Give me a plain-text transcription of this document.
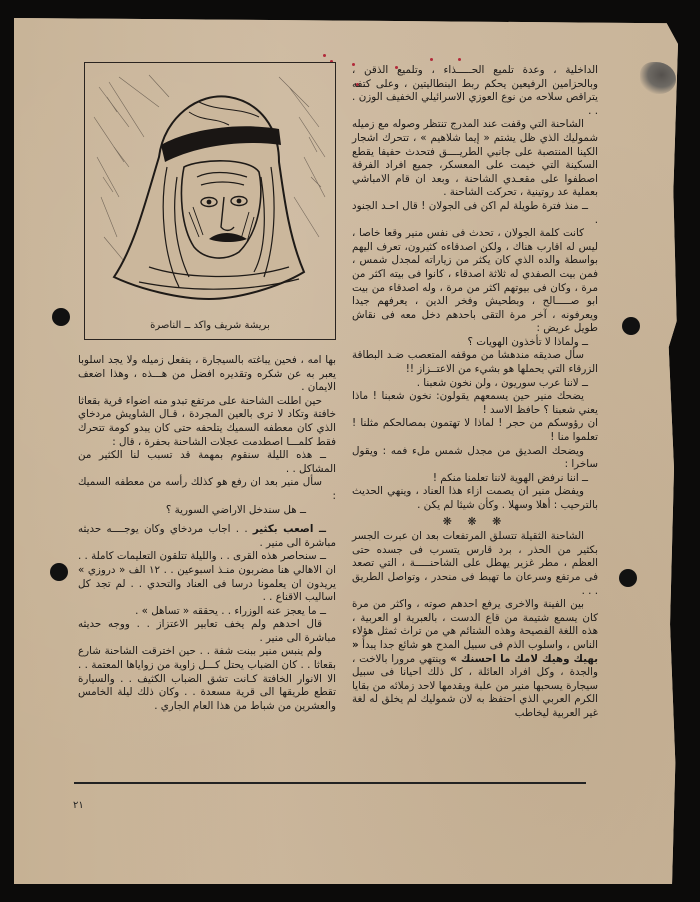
بريشة شريف واكد ــ الناصرة

الداخلية ، وعدة تلميع الحـــــذاء ، وتلميع الذقن ، وبالحزامين الرفيعين يحكم ربط البنطاليتين ، وعلى كتفه يتراقص سلاحه من نوع العوزي الاسرائيلي الخفيف الوزن . . .

الشاحنة التي وقفت عند المدرج تنتظر وصوله مع زميله شموليك الذي ظل يشتم « إيما شلاهيم » ، تتحرك اشجار الكينا المنتصبة على جانبي الطريــــق فتحدث حفيفا يقطع السكينة التي خيمت على المعسكر، جميع افراد الفرقة اصطفوا على مقعـدي الشاحنة ، وبعد ان قام الامباشي بعملية عد روتينية ، تحركت الشاحنة .

ــ منذ فترة طويلة لم اكن فى الجولان ! قال احـد الجنود .

كانت كلمة الجولان ، تحدث فى نفس منير وقعا خاصا ، ليس له اقارب هناك ، ولكن اصدقاءه كثيرون، تعرف اليهم بواسطة والده الذي كان يكثر من زياراته لمجدل شمس ، فمن بيت الصفدي له ثلاثة اصدقاء ، كانوا فى بيته اكثر من مرة ، وكان فى بيوتهم اكثر من مرة ، وله اصدقاء من بيت ابو صـــــالح ، وبطحيش وفخر الدين ، يعرفهم جيدا ويعرفونه ، آخر مرة التقى باحدهم دخل معه فى نقاش طويل عريض :

ــ ولماذا لا تأخذون الهويات ؟

سأل صديقه مندهشا من موقفه المتعصب ضـد البطاقة الزرقاء التي يحملها هو بشيء من الاعتــزاز !!

ــ لاننا عرب سوريون ، ولن نخون شعبنا .

يضحك منير حين يسمعهم يقولون: نخون شعبنا ! ماذا يعني شعبنا ؟ حافظ الاسد !

ان رؤوسكم من حجر ! لماذا لا تهتمون بمصالحكم مثلنا ! تعلموا منا !

ويضحك الصديق من مجدل شمس ملء فمه : ويقول ساخرا :

ــ اننا نرفض الهوية لاننا تعلمنا منكم !

ويفضل منير ان يصمت ازاء هذا العناد ، وينهي الحديث بالترحيب : أهلا وسهلا . وكأن شيئا لم يكن .

❋ ❋ ❋

الشاحنة الثقيلة تتسلق المرتفعات بعد ان عبرت الجسر بكثير من الحذر ، برد قارس يتسرب فى جسده حتى العظم ، مطر غزير يهطل على الشاحنـــــة ، التي تصعد فى مرتفع وسرعان ما تهبط فى منحدر ، وتواصل الطريق . . .

بين الفينة والاخرى يرفع احدهم صوته ، واكثر من مرة كان يسمع شتيمة من قاع الدست ، بالعبرية او العربية ، هذه اللغة الفصيحة وهذه الشتائم هي من تراث ثمثل هؤلاء الناس ، واسلوب الذم فى سبيل المدح هو شائع جدا يبدأ « بهيك وهيك لامك ما احسنك » وينتهي مرورا بالاخت ، والجدة ، وكل افراد العائلة ، كل ذلك احيانا فى سبيل سيجارة يسحبها منير من علبة ويقدمها لاحد زملائه من بقايا الكرم العربي الذي احتفظ به لان شموليك لم يخلق له لغة غير العربية ليخاطب

بها امه ، فحين يباغته بالسيجارة ، ينفعل زميله ولا يجد اسلوبا يعبر به عن شكره وتقديره افضل من هـــذه ، وهذا اضعف الايمان .

حين اطلت الشاحنة على مرتفع تبدو منه اضواء قرية بقعاثا خافتة وتكاد لا ترى بالعين المجردة ، قـال الشاويش مردخاي الذي كان معطفه السميك يتلحفه حتى كان يبدو كومة تتحرك فقط كلمـــا اصطدمت عجلات الشاحنة بحفرة ، قال :

ــ هذه الليلة سنقوم بمهمة قد تسبب لنا الكثير من المشاكل . .

سأل منير بعد ان رفع هو كذلك رأسه من معطفه السميك :

ــ هل سندخل الاراضي السورية ؟

ــ اصعب بكثير . . اجاب مردخاي وكان يوجــــه حديثه مباشرة الى منير .

ــ سنحاصر هذه القرى . . والليلة تتلقون التعليمات كاملة . . ان الاهالي هنا مضربون منـذ اسبوعين . . ١٢ الف « دروزي » يريدون ان يعلمونا درسا فى العناد والتحدي . . لم تجد كل اساليب الاقناع . .

ــ ما يعجز عنه الوزراء . . يحققه « تساهل » .

قال احدهم ولم يخف تعابير الاعتزاز . . ووجه حديثه مباشرة الى منير .

ولم ينبس منير ببنت شفة . . حين اخترقت الشاحنة شارع بقعاثا . . كان الضباب يحتل كـــل زاوية من زواياها المعتمة . . الا الانوار الخافتة كـانت تشق الضباب الكثيف . . والسيارة تقطع طريقها الى قرية مسعدة . . وكان ذلك ليلة الخامس والعشرين من شباط من هذا العام الجاري .

٢١
